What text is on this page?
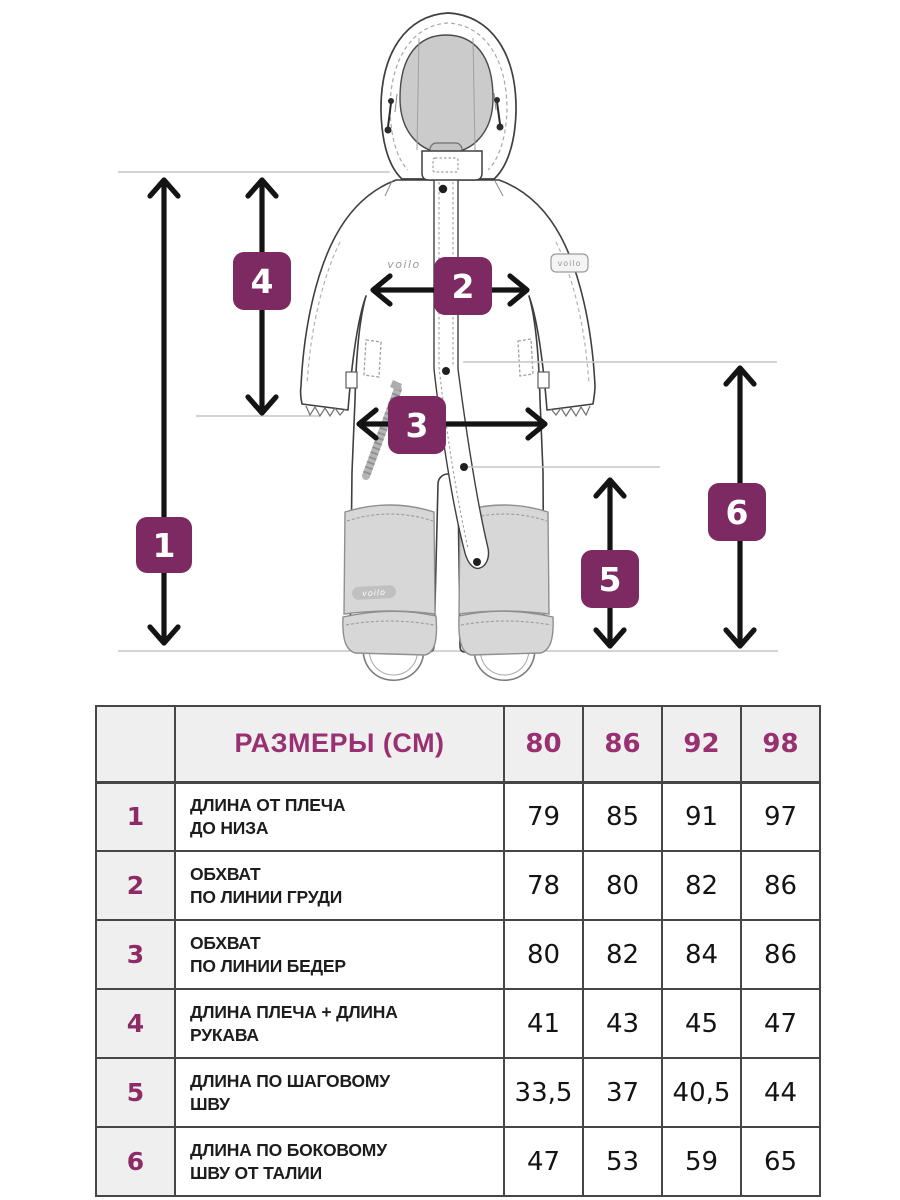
voilo
voilo	voilo
1
2
3
4
5
6
	РАЗМЕРЫ (СМ)	80	86	92	98
1	ДЛИНА ОТ ПЛЕЧА
ДО НИЗА	79	85	91	97
2	ОБХВАТ
ПО ЛИНИИ ГРУДИ	78	80	82	86
3	ОБХВАТ
ПО ЛИНИИ БЕДЕР	80	82	84	86
4	ДЛИНА ПЛЕЧА + ДЛИНА
РУКАВА	41	43	45	47
5	ДЛИНА ПО ШАГОВОМУ
ШВУ	33,5	37	40,5	44
6	ДЛИНА ПО БОКОВОМУ
ШВУ ОТ ТАЛИИ	47	53	59	65
